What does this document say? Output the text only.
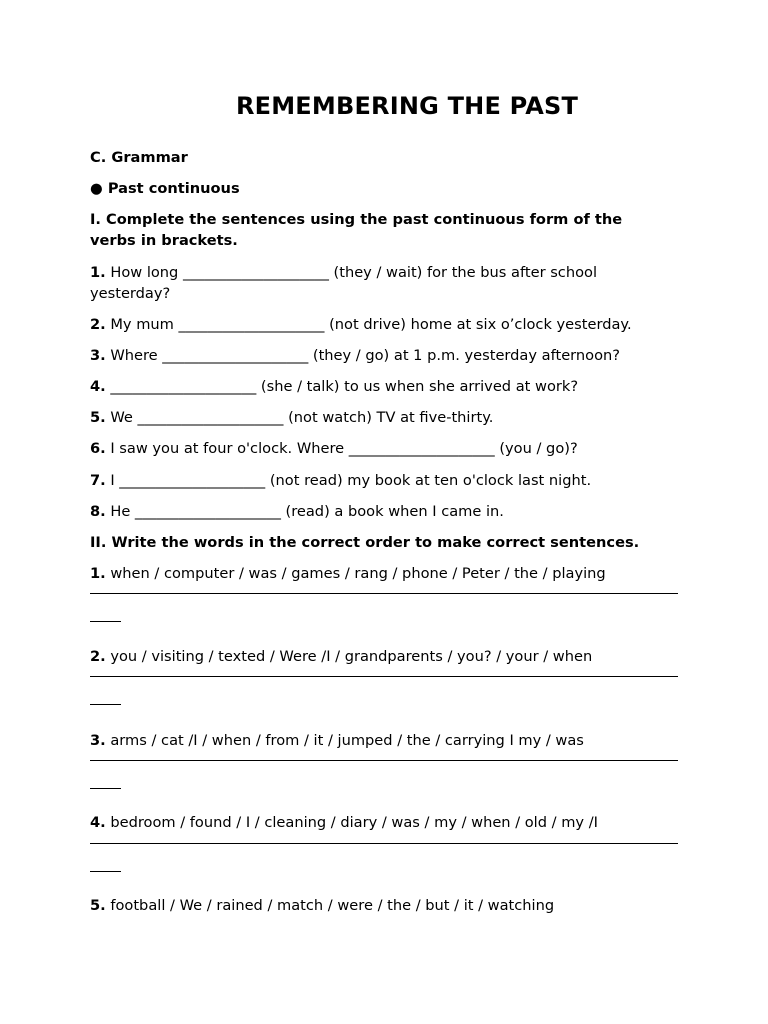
REMEMBERING THE PAST
C. Grammar
● Past continuous
I. Complete the sentences using the past continuous form of the verbs in brackets.
1. How long ____________________ (they / wait) for the bus after school
yesterday?
2. My mum ____________________ (not drive) home at six o’clock yesterday.
3. Where ____________________ (they / go) at 1 p.m. yesterday afternoon?
4. ____________________ (she / talk) to us when she arrived at work?
5. We ____________________ (not watch) TV at five-thirty.
6. I saw you at four o'clock. Where ____________________ (you / go)?
7. I ____________________ (not read) my book at ten o'clock last night.
8. He ____________________ (read) a book when I came in.
II. Write the words in the correct order to make correct sentences.
1. when / computer / was / games / rang / phone / Peter / the / playing
2. you / visiting / texted / Were /I / grandparents / you? / your / when
3. arms / cat /I / when / from / it / jumped / the / carrying I my / was
4. bedroom / found / I / cleaning / diary / was / my / when / old / my /I
5. football / We / rained / match / were / the / but / it / watching
